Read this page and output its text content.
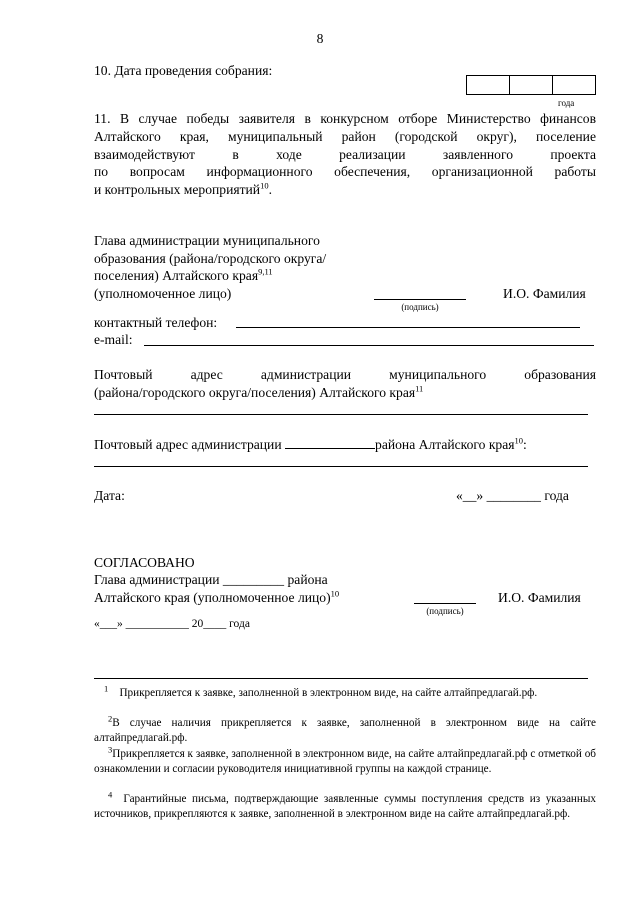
8
10. Дата проведения собрания:
года
11. В случае победы заявителя в конкурсном отборе Министерство финансов
Алтайского края, муниципальный район (городской округ), поселение
взаимодействуют в ходе реализации заявленного проекта
по вопросам информационного обеспечения, организационной работы
и контрольных мероприятий$^{10}$.
Глава администрации муниципального
образования (района/городского округа/
поселения) Алтайского края$^{9,11}$
(уполномоченное лицо)
(подпись)
И.О. Фамилия
контактный телефон:
e-mail:
Почтовый адрес администрации муниципального образования
(района/городского округа/поселения) Алтайского края$^{11}$
Почтовый адрес администрации	района Алтайского края$^{10}$:
Дата:	«__» ________ года
СОГЛАСОВАНО
Глава администрации _________ района
Алтайского края (уполномоченное лицо)$^{10}$
(подпись)
И.О. Фамилия
«___» ___________ 20____ года
$^1$ Прикрепляется к заявке, заполненной в электронном виде, на сайте алтайпредлагай.рф.
$^2$В случае наличия прикрепляется к заявке, заполненной в электронном виде на сайте алтайпредлагай.рф.
$^3$Прикрепляется к заявке, заполненной в электронном виде, на сайте алтайпредлагай.рф с отметкой об ознакомлении и согласии руководителя инициативной группы на каждой странице.
$^4$ Гарантийные письма, подтверждающие заявленные суммы поступления средств из указанных источников, прикрепляются к заявке, заполненной в электронном виде на сайте алтайпредлагай.рф.
